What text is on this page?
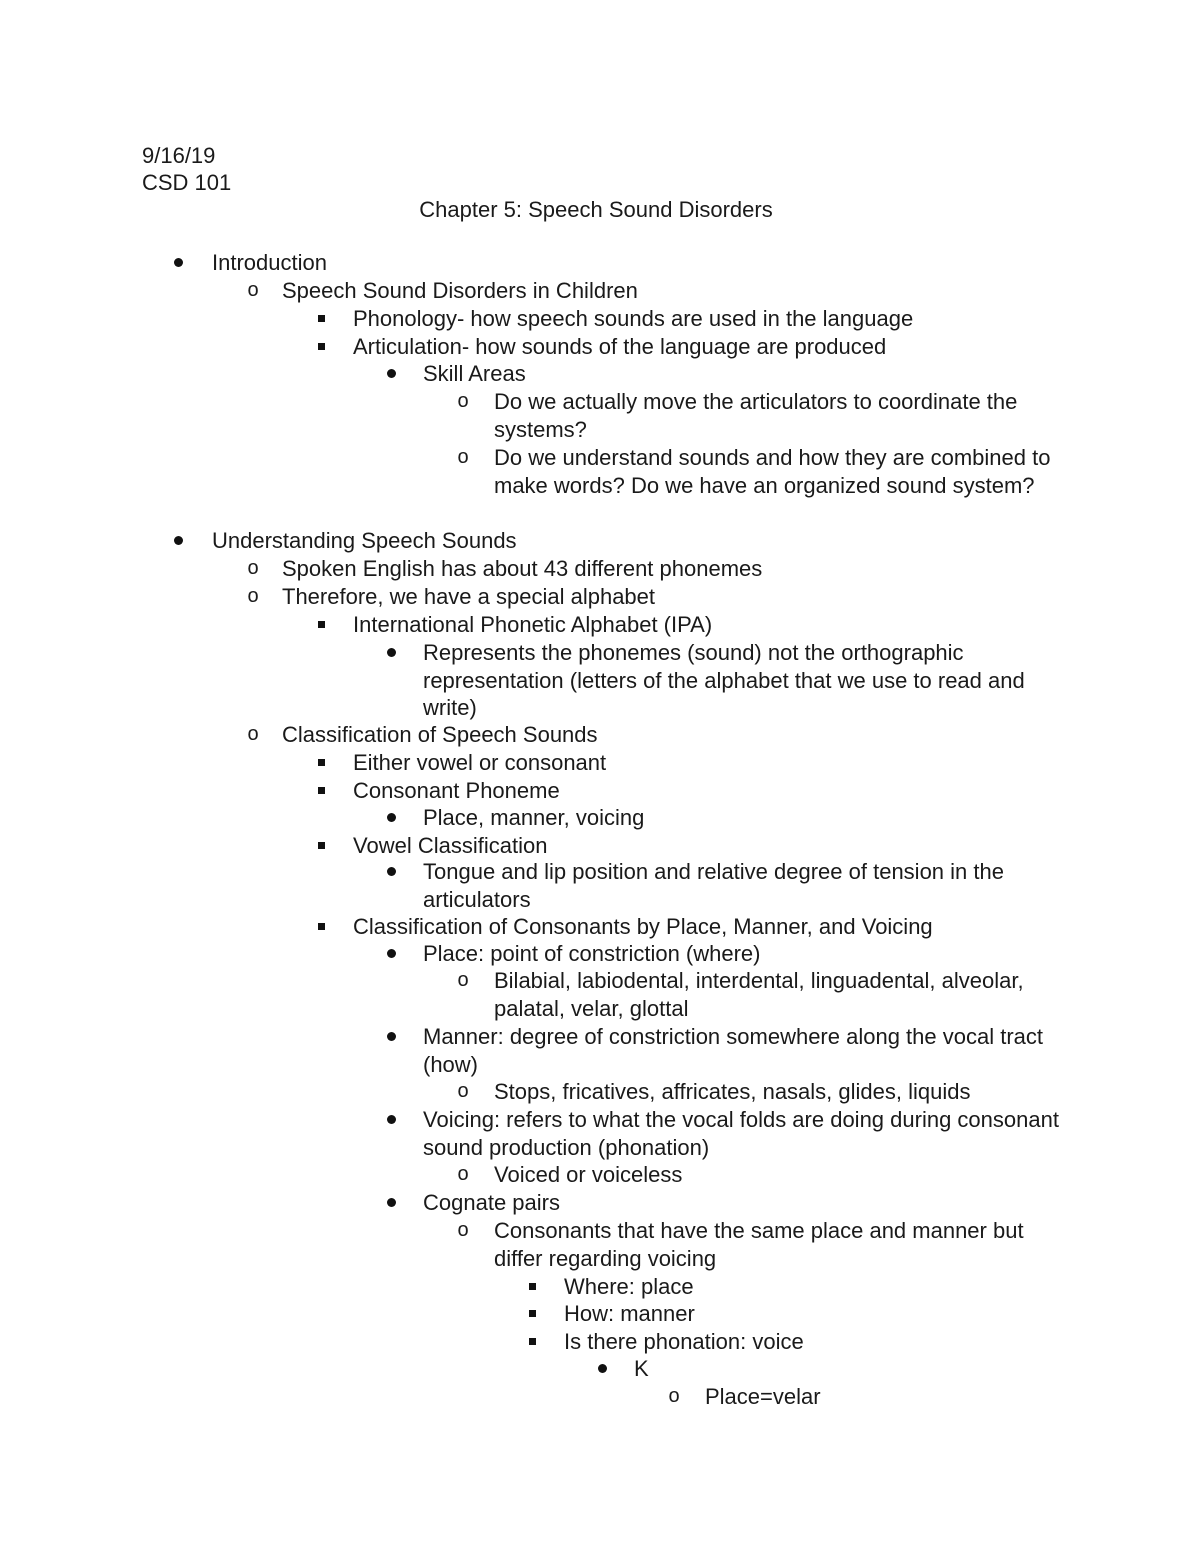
9/16/19
CSD 101
Chapter 5: Speech Sound Disorders
Introduction
o Speech Sound Disorders in Children
Phonology- how speech sounds are used in the language
Articulation- how sounds of the language are produced
Skill Areas
o Do we actually move the articulators to coordinate the systems?
o Do we understand sounds and how they are combined to make words? Do we have an organized sound system?
Understanding Speech Sounds
o Spoken English has about 43 different phonemes
o Therefore, we have a special alphabet
International Phonetic Alphabet (IPA)
Represents the phonemes (sound) not the orthographic representation (letters of the alphabet that we use to read and write)
o Classification of Speech Sounds
Either vowel or consonant
Consonant Phoneme
Place, manner, voicing
Vowel Classification
Tongue and lip position and relative degree of tension in the articulators
Classification of Consonants by Place, Manner, and Voicing
Place: point of constriction (where)
o Bilabial, labiodental, interdental, linguadental, alveolar, palatal, velar, glottal
Manner: degree of constriction somewhere along the vocal tract (how)
o Stops, fricatives, affricates, nasals, glides, liquids
Voicing: refers to what the vocal folds are doing during consonant sound production (phonation)
o Voiced or voiceless
Cognate pairs
o Consonants that have the same place and manner but differ regarding voicing
Where: place
How: manner
Is there phonation: voice
K
o Place=velar
